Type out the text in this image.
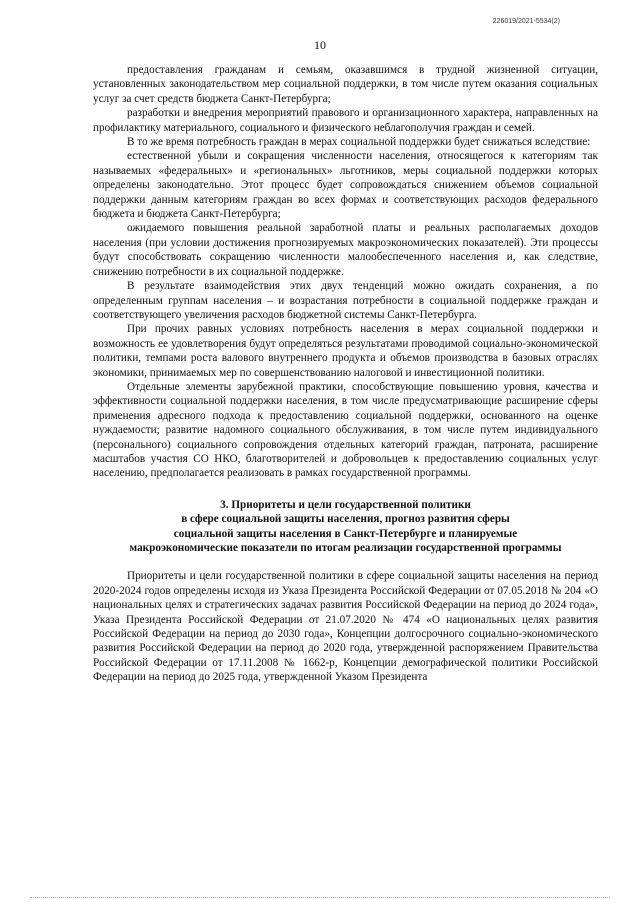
226019/2021-5534(2)
10

предоставления гражданам и семьям, оказавшимся в трудной жизненной ситуации, установленных законодательством мер социальной поддержки, в том числе путем оказания социальных услуг за счет средств бюджета Санкт-Петербурга;

разработки и внедрения мероприятий правового и организационного характера, направленных на профилактику материального, социального и физического неблагополучия граждан и семей.

В то же время потребность граждан в мерах социальной поддержки будет снижаться вследствие:

естественной убыли и сокращения численности населения, относящегося к категориям так называемых «федеральных» и «региональных» льготников, меры социальной поддержки которых определены законодательно. Этот процесс будет сопровождаться снижением объемов социальной поддержки данным категориям граждан во всех формах и соответствующих расходов федерального бюджета и бюджета Санкт-Петербурга;

ожидаемого повышения реальной заработной платы и реальных располагаемых доходов населения (при условии достижения прогнозируемых макроэкономических показателей). Эти процессы будут способствовать сокращению численности малообеспеченного населения и, как следствие, снижению потребности в их социальной поддержке.

В результате взаимодействия этих двух тенденций можно ожидать сохранения, а по определенным группам населения – и возрастания потребности в социальной поддержке граждан и соответствующего увеличения расходов бюджетной системы Санкт-Петербурга.

При прочих равных условиях потребность населения в мерах социальной поддержки и возможность ее удовлетворения будут определяться результатами проводимой социально-экономической политики, темпами роста валового внутреннего продукта и объемов производства в базовых отраслях экономики, принимаемых мер по совершенствованию налоговой и инвестиционной политики.

Отдельные элементы зарубежной практики, способствующие повышению уровня, качества и эффективности социальной поддержки населения, в том числе предусматривающие расширение сферы применения адресного подхода к предоставлению социальной поддержки, основанного на оценке нуждаемости; развитие надомного социального обслуживания, в том числе путем индивидуального (персонального) социального сопровождения отдельных категорий граждан, патроната, расширение масштабов участия СО НКО, благотворителей и добровольцев к предоставлению социальных услуг населению, предполагается реализовать в рамках государственной программы.

3. Приоритеты и цели государственной политики
в сфере социальной защиты населения, прогноз развития сферы
социальной защиты населения в Санкт-Петербурге и планируемые
макроэкономические показатели по итогам реализации государственной программы

Приоритеты и цели государственной политики в сфере социальной защиты населения на период 2020-2024 годов определены исходя из Указа Президента Российской Федерации от 07.05.2018 № 204 «О национальных целях и стратегических задачах развития Российской Федерации на период до 2024 года», Указа Президента Российской Федерации от 21.07.2020 № 474 «О национальных целях развития Российской Федерации на период до 2030 года», Концепции долгосрочного социально-экономического развития Российской Федерации на период до 2020 года, утвержденной распоряжением Правительства Российской Федерации от 17.11.2008 № 1662-р, Концепции демографической политики Российской Федерации на период до 2025 года, утвержденной Указом Президента
